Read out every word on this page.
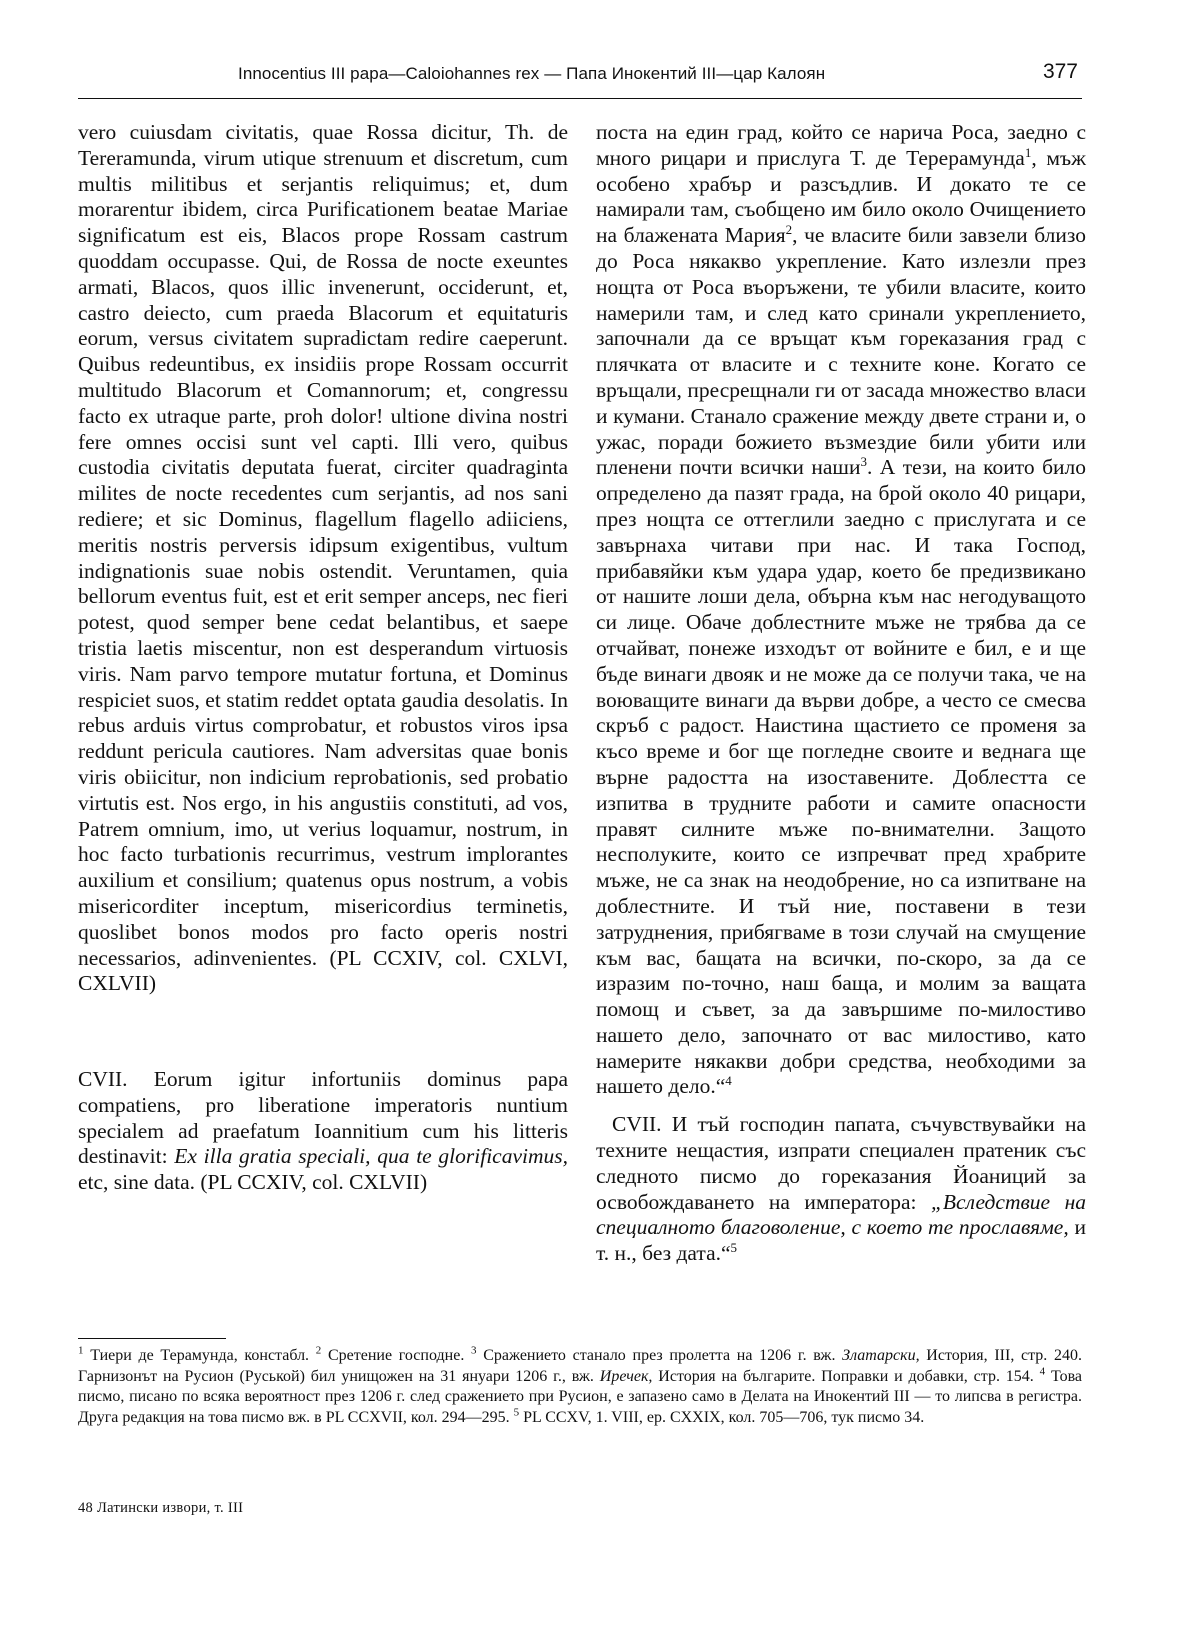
Innocentius III papa—Caloiohannes rex — Папа Инокентий III—цар Калоян	377

vero cuiusdam civitatis, quae Rossa dicitur, Th. de Tereramunda, virum utique strenuum et discretum, cum multis militibus et serjantis reliquimus; et, dum morarentur ibidem, circa Purificationem beatae Mariae significatum est eis, Blacos prope Rossam castrum quoddam occupasse. Qui, de Rossa de nocte exeuntes armati, Blacos, quos illic invenerunt, occiderunt, et, castro deiecto, cum praeda Blacorum et equitaturis eorum, versus civitatem supradictam redire caeperunt. Quibus redeuntibus, ex insidiis prope Rossam occurrit multitudo Blacorum et Comannorum; et, congressu facto ex utraque parte, proh dolor! ultione divina nostri fere omnes occisi sunt vel capti. Illi vero, quibus custodia civitatis deputata fuerat, circiter quadraginta milites de nocte recedentes cum serjantis, ad nos sani rediere; et sic Dominus, flagellum flagello adiiciens, meritis nostris perversis idipsum exigentibus, vultum indignationis suae nobis ostendit. Veruntamen, quia bellorum eventus fuit, est et erit semper anceps, nec fieri potest, quod semper bene cedat belantibus, et saepe tristia laetis miscentur, non est desperandum virtuosis viris. Nam parvo tempore mutatur fortuna, et Dominus respiciet suos, et statim reddet optata gaudia desolatis. In rebus arduis virtus comprobatur, et robustos viros ipsa reddunt pericula cautiores. Nam adversitas quae bonis viris obiicitur, non indicium reprobationis, sed probatio virtutis est. Nos ergo, in his angustiis constituti, ad vos, Patrem omnium, imo, ut verius loquamur, nostrum, in hoc facto turbationis recurrimus, vestrum implorantes auxilium et consilium; quatenus opus nostrum, a vobis misericorditer inceptum, misericordius terminetis, quoslibet bonos modos pro facto operis nostri necessarios, adinvenientes. (PL CCXIV, col. CXLVI, CXLVII)

CVII. Eorum igitur infortuniis dominus papa compatiens, pro liberatione imperatoris nuntium specialem ad praefatum Ioannitium cum his litteris destinavit: Ex illa gratia speciali, qua te glorificavimus, etc, sine data. (PL CCXIV, col. CXLVII)

поста на един град, който се нарича Роса, заедно с много рицари и прислуга Т. де Терерамунда$^1$, мъж особено храбър и разсъдлив. И докато те се намирали там, съобщено им било около Очищението на блажената Мария$^2$, че власите били завзели близо до Роса някакво укрепление. Като излезли през нощта от Роса въоръжени, те убили власите, които намерили там, и след като сринали укреплението, започнали да се връщат към гореказания град с плячката от власите и с техните коне. Когато се връщали, пресрещнали ги от засада множество власи и кумани. Станало сражение между двете страни и, о ужас, поради божието възмездие били убити или пленени почти всички наши$^3$. А тези, на които било определено да пазят града, на брой около 40 рицари, през нощта се оттеглили заедно с прислугата и се завърнаха читави при нас. И така Господ, прибавяйки към удара удар, което бе предизвикано от нашите лоши дела, обърна към нас негодуващото си лице. Обаче доблестните мъже не трябва да се отчайват, понеже изходът от войните е бил, е и ще бъде винаги двояк и не може да се получи така, че на воюващите винаги да върви добре, а често се смесва скръб с радост. Наистина щастието се променя за късо време и бог ще погледне своите и веднага ще върне радостта на изоставените. Доблестта се изпитва в трудните работи и самите опасности правят силните мъже по-внимателни. Защото несполуките, които се изпречват пред храбрите мъже, не са знак на неодобрение, но са изпитване на доблестните. И тъй ние, поставени в тези затруднения, прибягваме в този случай на смущение към вас, бащата на всички, по-скоро, за да се изразим по-точно, наш баща, и молим за ващата помощ и съвет, за да завършиме по-милостиво нашето дело, започнато от вас милостиво, като намерите някакви добри средства, необходими за нашето дело.“$^4$

CVII. И тъй господин папата, съчувствувайки на техните нещастия, изпрати специален пратеник със следното писмо до гореказания Йоаниций за освобождаването на императора: „Вследствие на специалното благоволение, с което те прославяме, и т. н., без дата.“$^5$

$^1$ Тиери де Терамунда, констабл. $^2$ Сретение господне. $^3$ Сражението станало през пролетта на 1206 г. вж. Златарски, История, III, стр. 240. Гарнизонът на Русион (Руськой) бил унищожен на 31 януари 1206 г., вж. Иречек, История на българите. Поправки и добавки, стр. 154. $^4$ Това писмо, писано по всяка вероятност през 1206 г. след сражението при Русион, е запазено само в Делата на Инокентий III — то липсва в регистра. Друга редакция на това писмо вж. в PL CCXVII, кол. 294—295. $^5$ PL CCXV, 1. VIII, ep. CXXIX, кол. 705—706, тук писмо 34.
48 Латински извори, т. III
